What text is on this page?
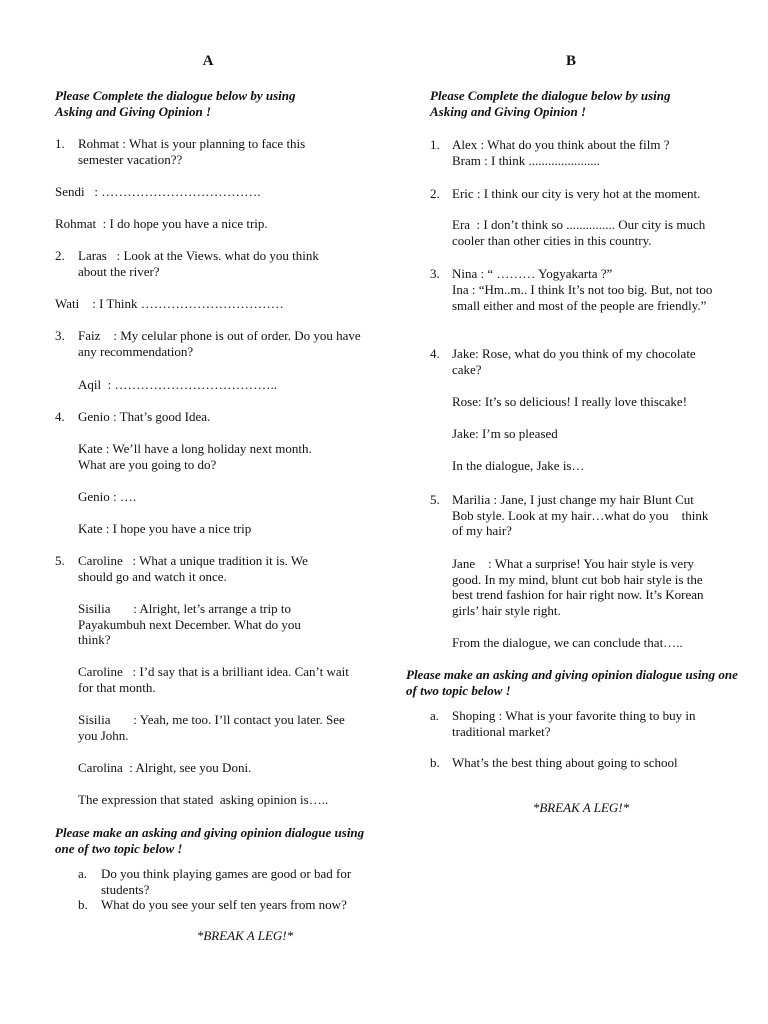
A
Please Complete the dialogue below by using Asking and Giving Opinion !
1.	Rohmat : What is your planning to face this semester vacation??
Sendi   : ……………………………….
Rohmat  : I do hope you have a nice trip.
2.	Laras   : Look at the Views. what do you think about the river?
Wati    : I Think ……………………………
3.	Faiz    : My celular phone is out of order. Do you have any recommendation?
Aqil  : ………………………………..
4.	Genio : That’s good Idea.
Kate : We’ll have a long holiday next month. What are you going to do?
Genio : ….
Kate : I hope you have a nice trip
5.	Caroline   : What a unique tradition it is. We should go and watch it once.
Sisilia       : Alright, let’s arrange a trip to Payakumbuh next December. What do you think?
Caroline   : I’d say that is a brilliant idea. Can’t wait for that month.
Sisilia       : Yeah, me too. I’ll contact you later. See you John.
Carolina  : Alright, see you Doni.
The expression that stated  asking opinion is…..
Please make an asking and giving opinion dialogue using one of two topic below !
a.	Do you think playing games are good or bad for students?
b.	What do you see your self ten years from now?
*BREAK A LEG!*
B
Please Complete the dialogue below by using Asking and Giving Opinion !
1. Alex : What do you think about the film ?
Bram : I think ......................
2. Eric : I think our city is very hot at the moment.
Era  : I don’t think so ............... Our city is much cooler than other cities in this country.
3. Nina : “ ……… Yogyakarta ?”
Ina : “Hm..m.. I think It’s not too big. But, not too small either and most of the people are friendly.”
4. Jake: Rose, what do you think of my chocolate cake?
Rose: It’s so delicious! I really love thiscake!
Jake: I’m so pleased
In the dialogue, Jake is…
5. Marilia : Jane, I just change my hair Blunt Cut Bob style. Look at my hair…what do you    think of my hair?
Jane    : What a surprise! You hair style is very good. In my mind, blunt cut bob hair style is the best trend fashion for hair right now. It’s Korean girls’ hair style right.
From the dialogue, we can conclude that…..
Please make an asking and giving opinion dialogue using one of two topic below !
a. Shoping : What is your favorite thing to buy in traditional market?
b. What’s the best thing about going to school
*BREAK A LEG!*
